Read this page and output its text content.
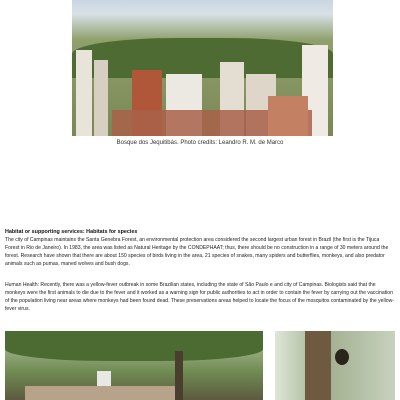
Bosque dos Jequitibás. Photo credits: Leandro R. M. de Marco
Habitat or supporting services: Habitats for species
The city of Campinas maintains the Santa Genebra Forest, an environmental protection area considered the second largest urban forest in Brazil (the first is the Tijuca Forest in Rio de Janeiro). In 1983, the area was listed as Natural Heritage by the CONDEPHAAT; thus, there should be no construction in a range of 30 meters around the forest. Research have shown that there are about 150 species of birds living in the area, 21 species of snakes, many spiders and butterflies, monkeys, and also predator animals such as pumas, maned wolves and bush dogs.
Human Health: Recently, there was a yellow-fever outbreak in some Brazilian states, including the state of São Paulo e and city of Campinas. Biologists said that the monkeys were the first animals to die due to the fever and it worked as a warning sign for public authorities to act in order to contain the fever by carrying out the vaccination of the population living near areas where monkeys had been found dead. These preservations areas helped to locate the focus of the mosquitos contaminated by the yellow-fever virus.
